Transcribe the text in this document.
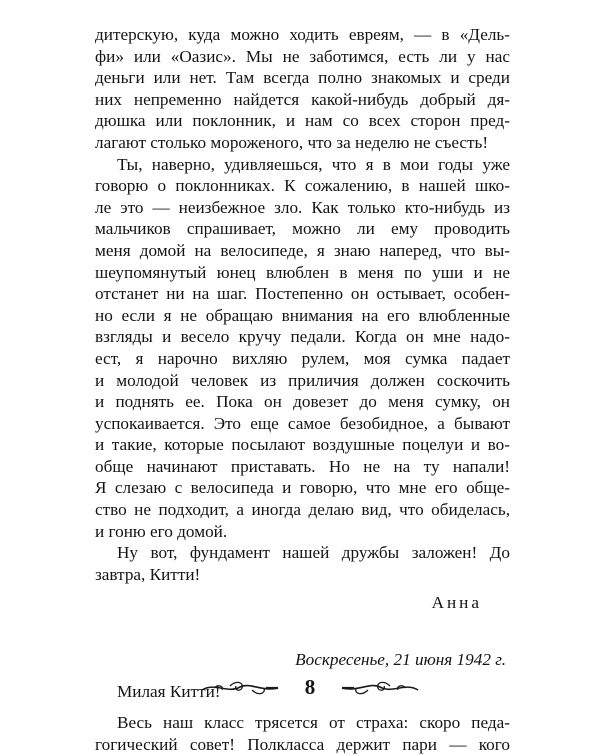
дитерскую, куда можно ходить евреям, — в «Дель-
фи» или «Оазис». Мы не заботимся, есть ли у нас
деньги или нет. Там всегда полно знакомых и среди
них непременно найдется какой-нибудь добрый дя-
дюшка или поклонник, и нам со всех сторон пред-
лагают столько мороженого, что за неделю не съесть!
Ты, наверно, удивляешься, что я в мои годы уже
говорю о поклонниках. К сожалению, в нашей шко-
ле это — неизбежное зло. Как только кто-нибудь из
мальчиков спрашивает, можно ли ему проводить
меня домой на велосипеде, я знаю наперед, что вы-
шеупомянутый юнец влюблен в меня по уши и не
отстанет ни на шаг. Постепенно он остывает, особен-
но если я не обращаю внимания на его влюбленные
взгляды и весело кручу педали. Когда он мне надо-
ест, я нарочно вихляю рулем, моя сумка падает
и молодой человек из приличия должен соскочить
и поднять ее. Пока он довезет до меня сумку, он
успокаивается. Это еще самое безобидное, а бывают
и такие, которые посылают воздушные поцелуи и во-
обще начинают приставать. Но не на ту напали!
Я слезаю с велосипеда и говорю, что мне его обще-
ство не подходит, а иногда делаю вид, что обиделась,
и гоню его домой.
Ну вот, фундамент нашей дружбы заложен! До
завтра, Китти!
Анна
Воскресенье, 21 июня 1942 г.
Милая Китти!
Весь наш класс трясется от страха: скоро педа-
гогический совет! Полкласса держит пари — кого
8
